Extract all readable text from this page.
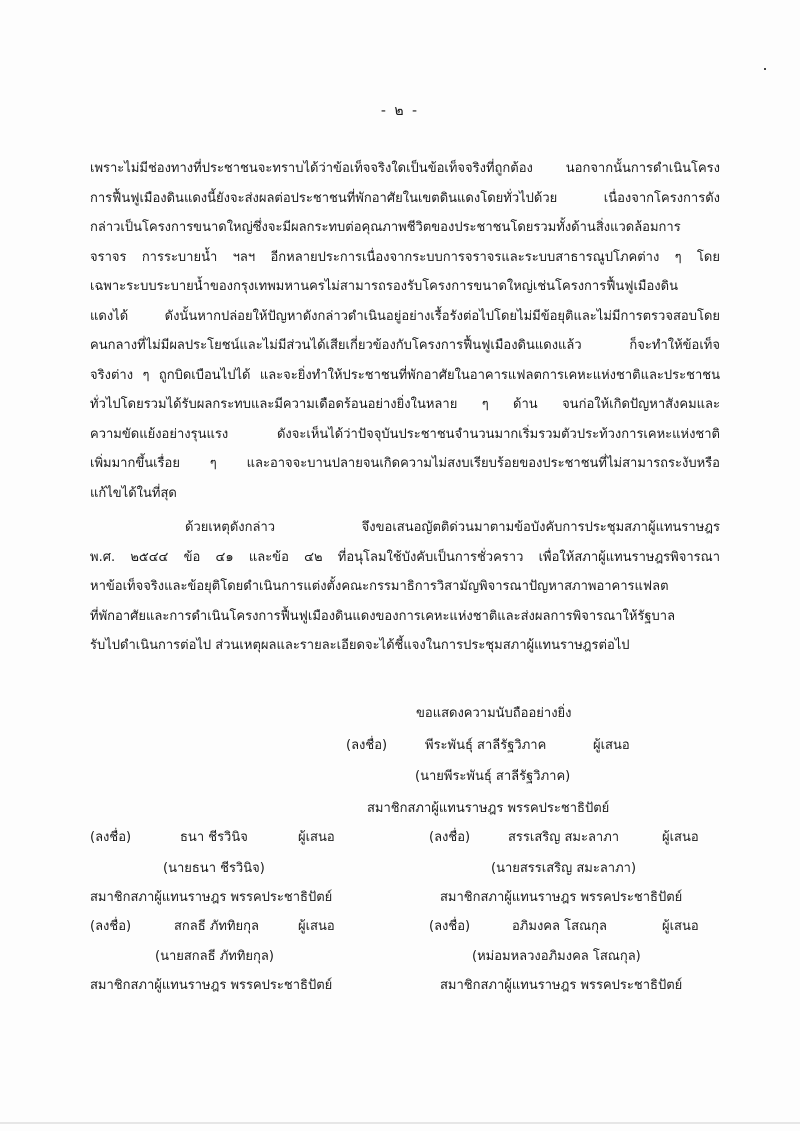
- ๒ -
เพราะไม่มีช่องทางที่ประชาชนจะทราบได้ว่าข้อเท็จจริงใดเป็นข้อเท็จจริงที่ถูกต้อง	นอกจากนั้นการดำเนินโครง
การฟื้นฟูเมืองดินแดงนี้ยังจะส่งผลต่อประชาชนที่พักอาศัยในเขตดินแดงโดยทั่วไปด้วย	เนื่องจากโครงการดัง
กล่าวเป็นโครงการขนาดใหญ่ซึ่งจะมีผลกระทบต่อคุณภาพชีวิตของประชาชนโดยรวมทั้งด้านสิ่งแวดล้อมการ
จราจร การระบายน้ำ ฯลฯ อีกหลายประการเนื่องจากระบบการจราจรและระบบสาธารณูปโภคต่าง ๆ โดย
เฉพาะระบบระบายน้ำของกรุงเทพมหานครไม่สามารถรองรับโครงการขนาดใหญ่เช่นโครงการฟื้นฟูเมืองดิน
แดงได้	ดังนั้นหากปล่อยให้ปัญหาดังกล่าวดำเนินอยู่อย่างเรื้อรังต่อไปโดยไม่มีข้อยุติและไม่มีการตรวจสอบโดย
คนกลางที่ไม่มีผลประโยชน์และไม่มีส่วนได้เสียเกี่ยวข้องกับโครงการฟื้นฟูเมืองดินแดงแล้ว	ก็จะทำให้ข้อเท็จ
จริงต่าง ๆ ถูกบิดเบือนไปได้ และจะยิ่งทำให้ประชาชนที่พักอาศัยในอาคารแฟลตการเคหะแห่งชาติและประชาชน
ทั่วไปโดยรวมได้รับผลกระทบและมีความเดือดร้อนอย่างยิ่งในหลาย ๆ ด้าน จนก่อให้เกิดปัญหาสังคมและ
ความขัดแย้งอย่างรุนแรง	ดังจะเห็นได้ว่าปัจจุบันประชาชนจำนวนมากเริ่มรวมตัวประท้วงการเคหะแห่งชาติ
เพิ่มมากขึ้นเรื่อย ๆ และอาจจะบานปลายจนเกิดความไม่สงบเรียบร้อยของประชาชนที่ไม่สามารถระงับหรือ
แก้ไขได้ในที่สุด
ด้วยเหตุดังกล่าว	จึงขอเสนอญัตติด่วนมาตามข้อบังคับการประชุมสภาผู้แทนราษฎร
พ.ศ. ๒๕๔๔ ข้อ ๔๑ และข้อ ๔๒ ที่อนุโลมใช้บังคับเป็นการชั่วคราว เพื่อให้สภาผู้แทนราษฎรพิจารณา
หาข้อเท็จจริงและข้อยุติโดยดำเนินการแต่งตั้งคณะกรรมาธิการวิสามัญพิจารณาปัญหาสภาพอาคารแฟลต
ที่พักอาศัยและการดำเนินโครงการฟื้นฟูเมืองดินแดงของการเคหะแห่งชาติและส่งผลการพิจารณาให้รัฐบาล
รับไปดำเนินการต่อไป ส่วนเหตุผลและรายละเอียดจะได้ชี้แจงในการประชุมสภาผู้แทนราษฎรต่อไป
ขอแสดงความนับถืออย่างยิ่ง
(ลงชื่อ)	พีระพันธุ์ สาลีรัฐวิภาค	ผู้เสนอ
(นายพีระพันธุ์ สาลีรัฐวิภาค)
สมาชิกสภาผู้แทนราษฎร พรรคประชาธิปัตย์
(ลงชื่อ)	ธนา ชีรวินิจ	ผู้เสนอ
(นายธนา ชีรวินิจ)
สมาชิกสภาผู้แทนราษฎร พรรคประชาธิปัตย์
(ลงชื่อ)	สรรเสริญ สมะลาภา	ผู้เสนอ
(นายสรรเสริญ สมะลาภา)
สมาชิกสภาผู้แทนราษฎร พรรคประชาธิปัตย์
(ลงชื่อ)	สกลธี ภัททิยกุล	ผู้เสนอ
(นายสกลธี ภัททิยกุล)
สมาชิกสภาผู้แทนราษฎร พรรคประชาธิปัตย์
(ลงชื่อ)	อภิมงคล โสณกุล	ผู้เสนอ
(หม่อมหลวงอภิมงคล โสณกุล)
สมาชิกสภาผู้แทนราษฎร พรรคประชาธิปัตย์
